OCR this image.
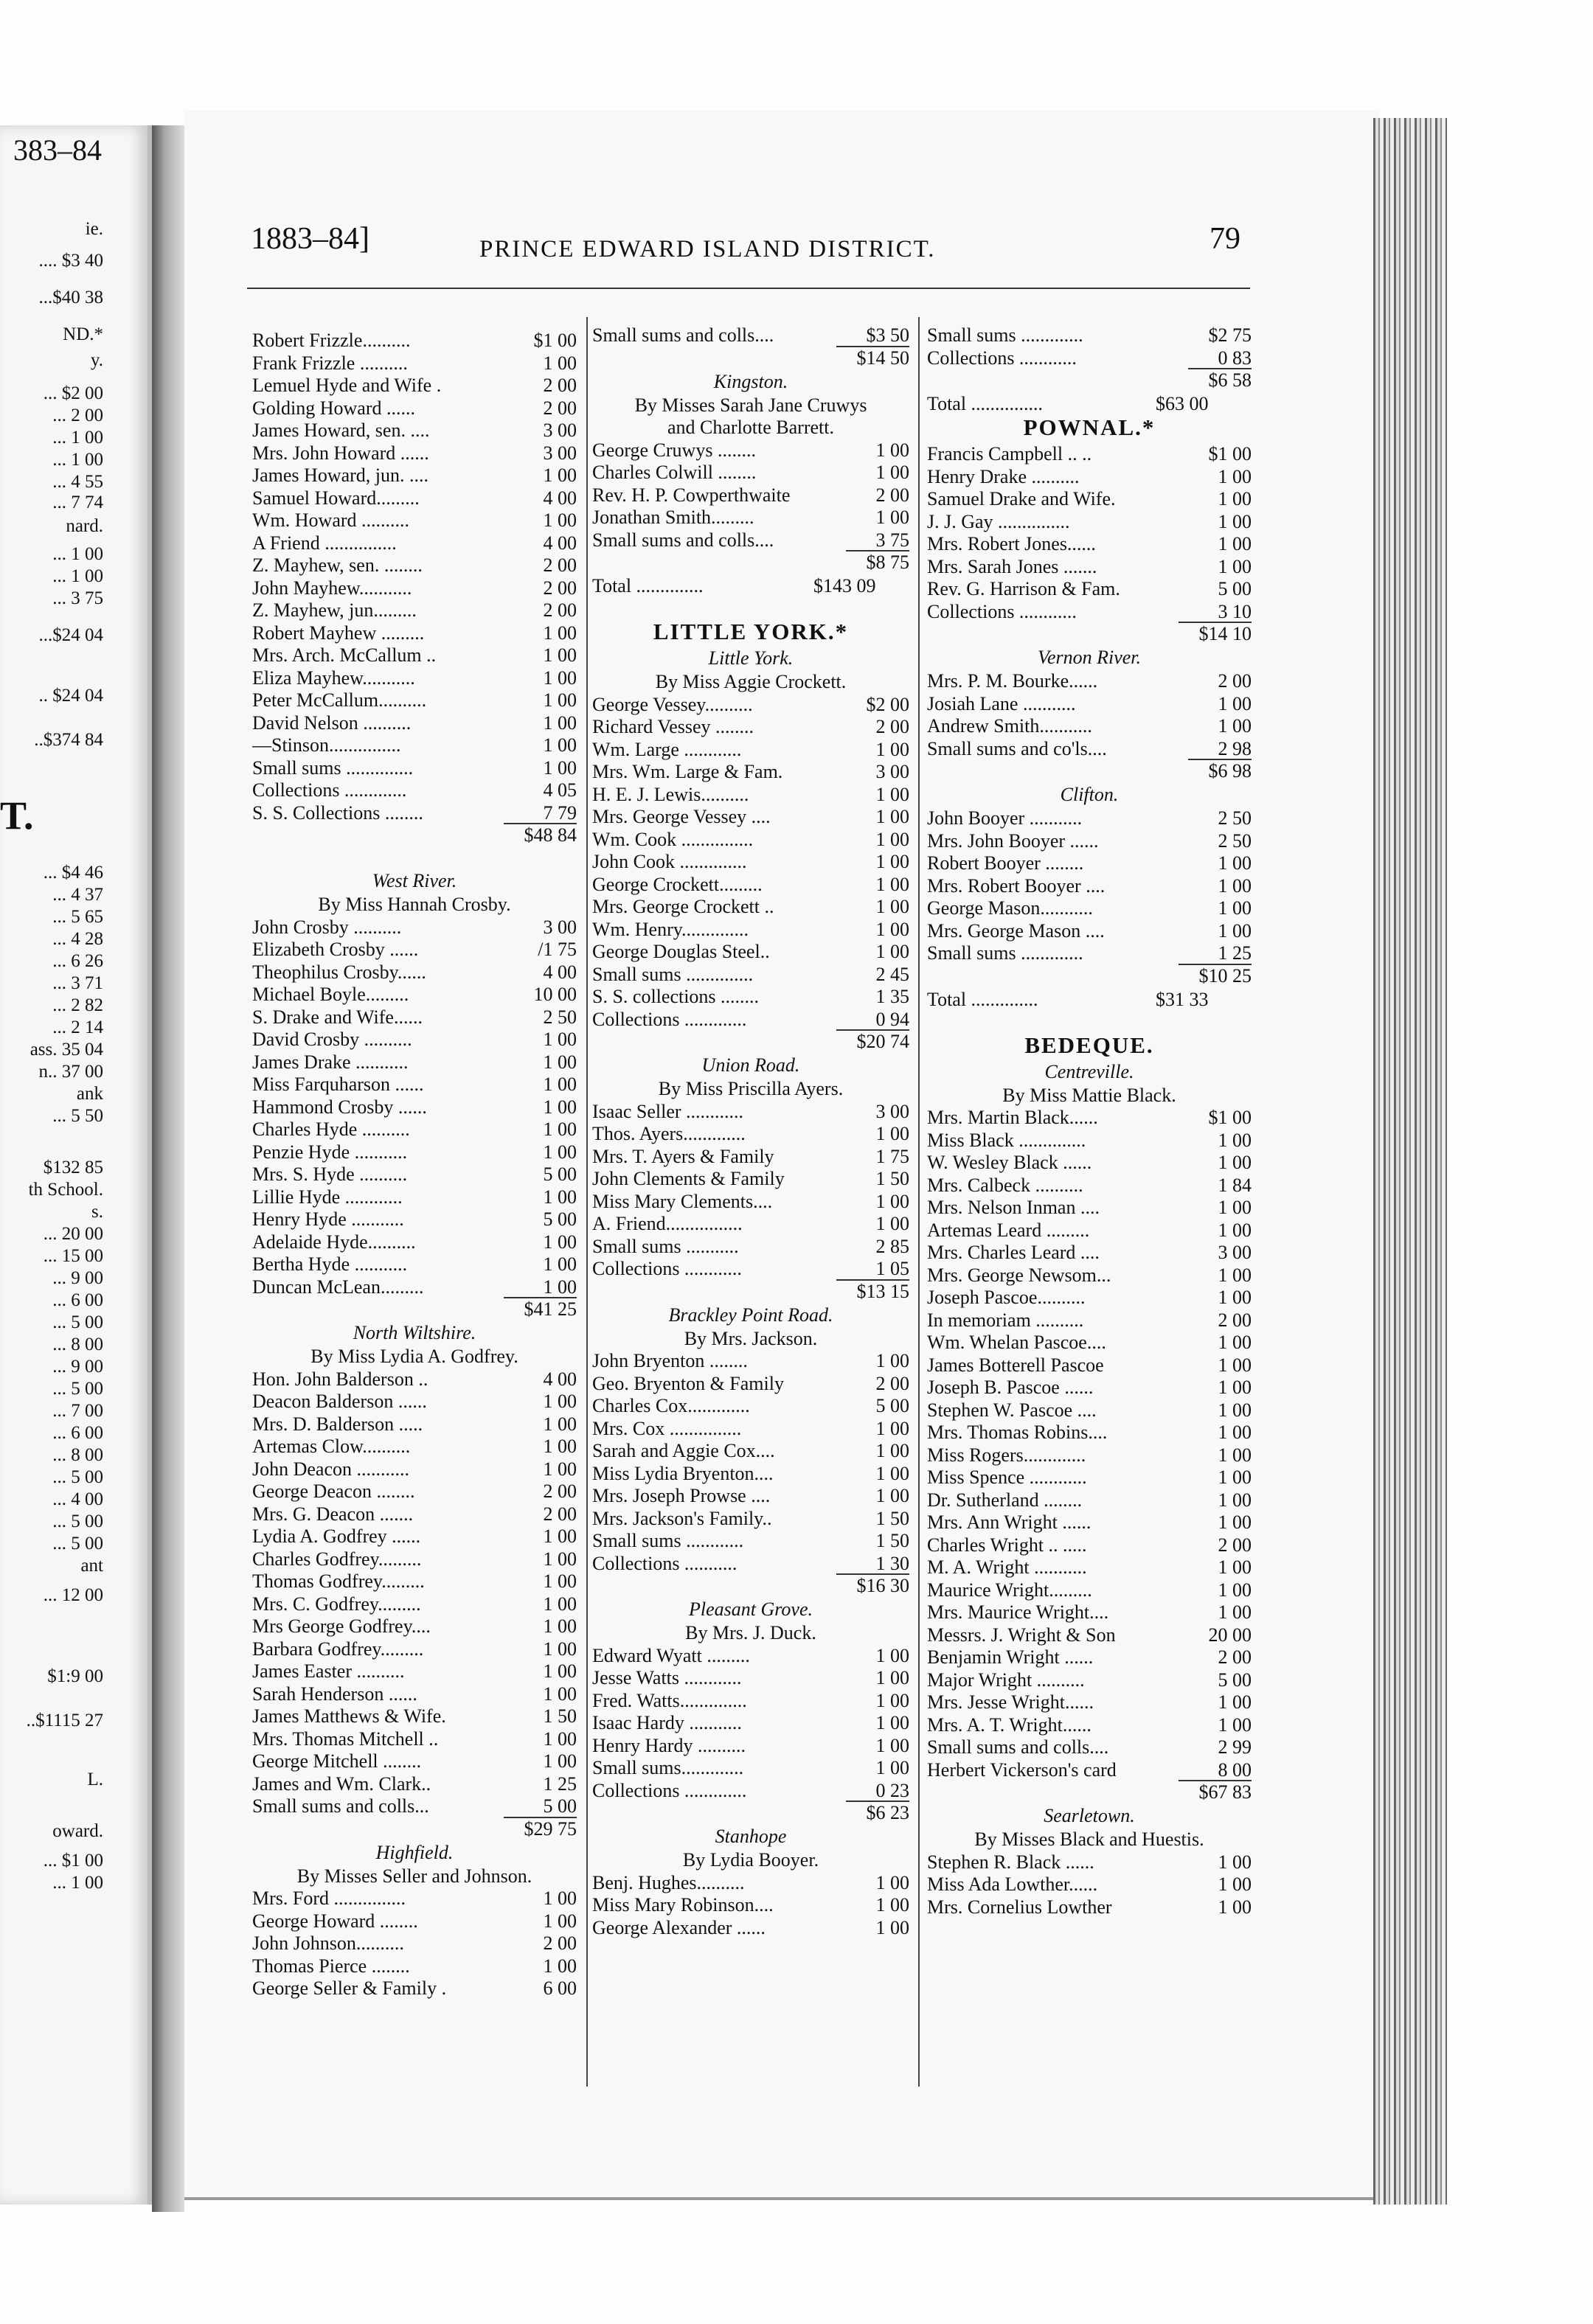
383–84
ie.
.... $3 40
...$40 38
ND.*
y.
... $2 00
... 2 00
... 1 00
... 1 00
... 4 55
... 7 74
nard.
... 1 00
... 1 00
... 3 75
...$24 04
.. $24 04
..$374 84
T.
... $4 46
... 4 37
... 5 65
... 4 28
... 6 26
... 3 71
... 2 82
... 2 14
ass. 35 04
n.. 37 00
ank
... 5 50
$132 85
th School.
s.
... 20 00
... 15 00
... 9 00
... 6 00
... 5 00
... 8 00
... 9 00
... 5 00
... 7 00
... 6 00
... 8 00
... 5 00
... 4 00
... 5 00
... 5 00
ant
... 12 00
$1:9 00
..$1115 27
L.
oward.
... $1 00
... 1 00
1883–84]	PRINCE EDWARD ISLAND DISTRICT.	79
Robert Frizzle..........	$1 00
Frank Frizzle ..........	1 00
Lemuel Hyde and Wife .	2 00
Golding Howard ......	2 00
James Howard, sen. ....	3 00
Mrs. John Howard ......	3 00
James Howard, jun. ....	1 00
Samuel Howard.........	4 00
Wm. Howard ..........	1 00
A Friend ...............	4 00
Z. Mayhew, sen. ........	2 00
John Mayhew...........	2 00
Z. Mayhew, jun.........	2 00
Robert Mayhew .........	1 00
Mrs. Arch. McCallum ..	1 00
Eliza Mayhew...........	1 00
Peter McCallum..........	1 00
David Nelson ..........	1 00
—Stinson...............	1 00
Small sums ..............	1 00
Collections .............	4 05
S. S. Collections ........	7 79
$48 84
West River.
By Miss Hannah Crosby.
John Crosby ..........	3 00
Elizabeth Crosby ......	/1 75
Theophilus Crosby......	4 00
Michael Boyle.........	10 00
S. Drake and Wife......	2 50
David Crosby ..........	1 00
James Drake ...........	1 00
Miss Farquharson ......	1 00
Hammond Crosby ......	1 00
Charles Hyde ..........	1 00
Penzie Hyde ...........	1 00
Mrs. S. Hyde ..........	5 00
Lillie Hyde ............	1 00
Henry Hyde ...........	5 00
Adelaide Hyde..........	1 00
Bertha Hyde ...........	1 00
Duncan McLean.........	1 00
$41 25
North Wiltshire.
By Miss Lydia A. Godfrey.
Hon. John Balderson ..	4 00
Deacon Balderson ......	1 00
Mrs. D. Balderson .....	1 00
Artemas Clow..........	1 00
John Deacon ...........	1 00
George Deacon ........	2 00
Mrs. G. Deacon .......	2 00
Lydia A. Godfrey ......	1 00
Charles Godfrey.........	1 00
Thomas Godfrey.........	1 00
Mrs. C. Godfrey.........	1 00
Mrs George Godfrey....	1 00
Barbara Godfrey.........	1 00
James Easter ..........	1 00
Sarah Henderson ......	1 00
James Matthews & Wife.	1 50
Mrs. Thomas Mitchell ..	1 00
George Mitchell ........	1 00
James and Wm. Clark..	1 25
Small sums and colls...	5 00
$29 75
Highfield.
By Misses Seller and Johnson.
Mrs. Ford ...............	1 00
George Howard ........	1 00
John Johnson..........	2 00
Thomas Pierce ........	1 00
George Seller & Family .	6 00
Small sums and colls....	$3 50
$14 50
Kingston.
By Misses Sarah Jane Cruwys
and Charlotte Barrett.
George Cruwys ........	1 00
Charles Colwill ........	1 00
Rev. H. P. Cowperthwaite	2 00
Jonathan Smith.........	1 00
Small sums and colls....	3 75
$8 75
Total ..............	$143 09
LITTLE YORK.*
Little York.
By Miss Aggie Crockett.
George Vessey..........	$2 00
Richard Vessey ........	2 00
Wm. Large ............	1 00
Mrs. Wm. Large & Fam.	3 00
H. E. J. Lewis..........	1 00
Mrs. George Vessey ....	1 00
Wm. Cook ...............	1 00
John Cook ..............	1 00
George Crockett.........	1 00
Mrs. George Crockett ..	1 00
Wm. Henry..............	1 00
George Douglas Steel..	1 00
Small sums ..............	2 45
S. S. collections ........	1 35
Collections .............	0 94
$20 74
Union Road.
By Miss Priscilla Ayers.
Isaac Seller ............	3 00
Thos. Ayers.............	1 00
Mrs. T. Ayers & Family	1 75
John Clements & Family	1 50
Miss Mary Clements....	1 00
A. Friend................	1 00
Small sums ...........	2 85
Collections ............	1 05
$13 15
Brackley Point Road.
By Mrs. Jackson.
John Bryenton ........	1 00
Geo. Bryenton & Family	2 00
Charles Cox.............	5 00
Mrs. Cox ...............	1 00
Sarah and Aggie Cox....	1 00
Miss Lydia Bryenton....	1 00
Mrs. Joseph Prowse ....	1 00
Mrs. Jackson's Family..	1 50
Small sums ............	1 50
Collections ...........	1 30
$16 30
Pleasant Grove.
By Mrs. J. Duck.
Edward Wyatt .........	1 00
Jesse Watts ............	1 00
Fred. Watts..............	1 00
Isaac Hardy ...........	1 00
Henry Hardy ..........	1 00
Small sums.............	1 00
Collections .............	0 23
$6 23
Stanhope
By Lydia Booyer.
Benj. Hughes..........	1 00
Miss Mary Robinson....	1 00
George Alexander ......	1 00
Small sums .............	$2 75
Collections ............	0 83
$6 58
Total ...............	$63 00
POWNAL.*
Francis Campbell .. ..	$1 00
Henry Drake ..........	1 00
Samuel Drake and Wife.	1 00
J. J. Gay ...............	1 00
Mrs. Robert Jones......	1 00
Mrs. Sarah Jones .......	1 00
Rev. G. Harrison & Fam.	5 00
Collections ............	3 10
$14 10
Vernon River.
Mrs. P. M. Bourke......	2 00
Josiah Lane ...........	1 00
Andrew Smith...........	1 00
Small sums and co'ls....	2 98
$6 98
Clifton.
John Booyer ...........	2 50
Mrs. John Booyer ......	2 50
Robert Booyer ........	1 00
Mrs. Robert Booyer ....	1 00
George Mason...........	1 00
Mrs. George Mason ....	1 00
Small sums .............	1 25
$10 25
Total ..............	$31 33
BEDEQUE.
Centreville.
By Miss Mattie Black.
Mrs. Martin Black......	$1 00
Miss Black ..............	1 00
W. Wesley Black ......	1 00
Mrs. Calbeck ..........	1 84
Mrs. Nelson Inman ....	1 00
Artemas Leard .........	1 00
Mrs. Charles Leard ....	3 00
Mrs. George Newsom...	1 00
Joseph Pascoe..........	1 00
In memoriam ..........	2 00
Wm. Whelan Pascoe....	1 00
James Botterell Pascoe	1 00
Joseph B. Pascoe ......	1 00
Stephen W. Pascoe ....	1 00
Mrs. Thomas Robins....	1 00
Miss Rogers.............	1 00
Miss Spence ............	1 00
Dr. Sutherland ........	1 00
Mrs. Ann Wright ......	1 00
Charles Wright .. .....	2 00
M. A. Wright ...........	1 00
Maurice Wright.........	1 00
Mrs. Maurice Wright....	1 00
Messrs. J. Wright & Son	20 00
Benjamin Wright ......	2 00
Major Wright ..........	5 00
Mrs. Jesse Wright......	1 00
Mrs. A. T. Wright......	1 00
Small sums and colls....	2 99
Herbert Vickerson's card	8 00
$67 83
Searletown.
By Misses Black and Huestis.
Stephen R. Black ......	1 00
Miss Ada Lowther......	1 00
Mrs. Cornelius Lowther	1 00
